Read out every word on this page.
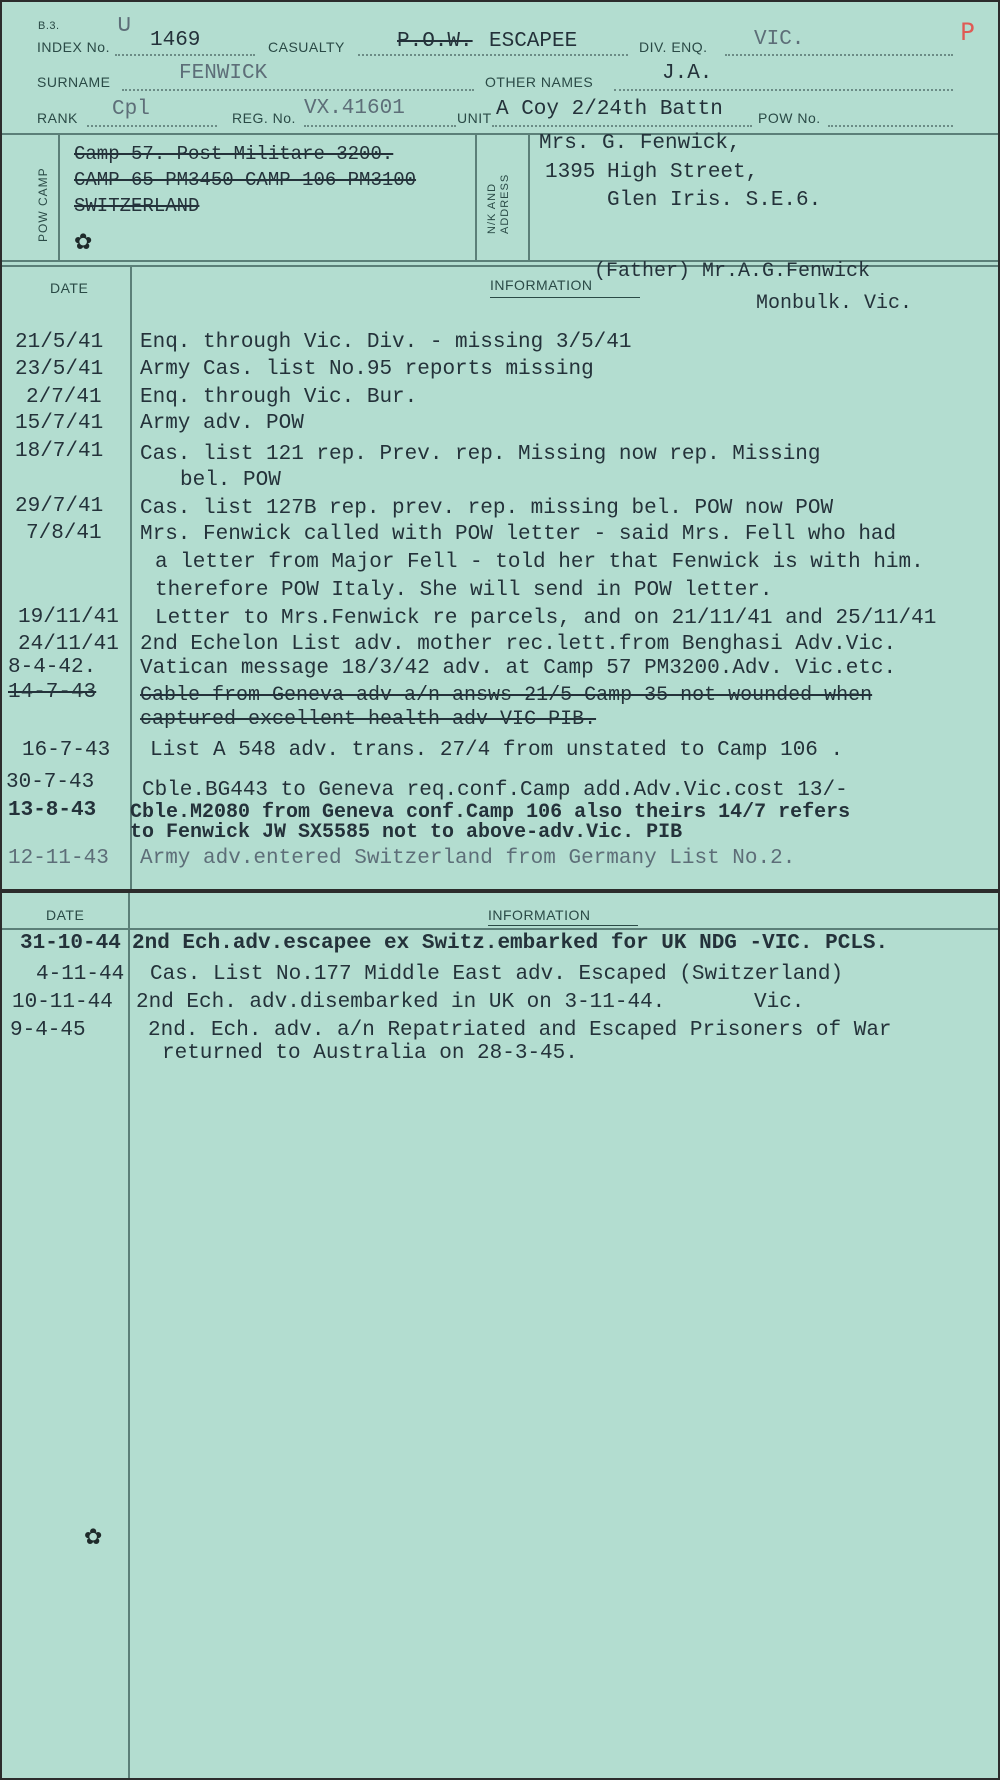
B.3. ∪	P
INDEX No. 1469	CASUALTY P.O.W. ESCAPEE	DIV. ENQ. VIC.
SURNAME	FENWICK	OTHER NAMES	J.A.
RANK Cpl	REG. No. VX.41601	UNIT A Coy 2/24th Battn	POW No.
POW CAMP	N/K AND ADDRESS
Camp 57. Post Militare 3200.
CAMP 65 PM3450 CAMP 106 PM3100
SWITZERLAND
✿
Mrs. G. Fenwick,
1395 High Street,
Glen Iris. S.E.6.
DATE	INFORMATION
(Father) Mr.A.G.Fenwick
Monbulk. Vic.
21/5/41 Enq. through Vic. Div. - missing 3/5/41
23/5/41 Army Cas. list No.95 reports missing
2/7/41 Enq. through Vic. Bur.
15/7/41 Army adv. POW
18/7/41 Cas. list 121 rep. Prev. rep. Missing now rep. Missing
bel. POW
29/7/41 Cas. list 127B rep. prev. rep. missing bel. POW now POW
7/8/41 Mrs. Fenwick called with POW letter - said Mrs. Fell who had
a letter from Major Fell - told her that Fenwick is with him.
therefore POW Italy. She will send in POW letter.
19/11/41 Letter to Mrs.Fenwick re parcels, and on 21/11/41 and 25/11/41
24/11/41 2nd Echelon List adv. mother rec.lett.from Benghasi Adv.Vic.
8-4-42. Vatican message 18/3/42 adv. at Camp 57 PM3200.Adv. Vic.etc.
14-7-43 Cable from Geneva adv a/n answs 21/5 Camp 35 not wounded when
captured excellent health adv VIC PIB.
16-7-43 List A 548 adv. trans. 27/4 from unstated to Camp 106 .
30-7-43 Cble.BG443 to Geneva req.conf.Camp add.Adv.Vic.cost 13/-
13-8-43 Cble.M2080 from Geneva conf.Camp 106 also theirs 14/7 refers
to Fenwick JW SX5585 not to above-adv.Vic. PIB
12-11-43 Army adv.entered Switzerland from Germany List No.2.
DATE	INFORMATION
31-10-44 2nd Ech.adv.escapee ex Switz.embarked for UK NDG -VIC. PCLS.
4-11-44 Cas. List No.177 Middle East adv. Escaped (Switzerland)
10-11-44 2nd Ech. adv.disembarked in UK on 3-11-44.	Vic.
9-4-45	2nd. Ech. adv. a/n Repatriated and Escaped Prisoners of War
returned to Australia on 28-3-45.
✿
